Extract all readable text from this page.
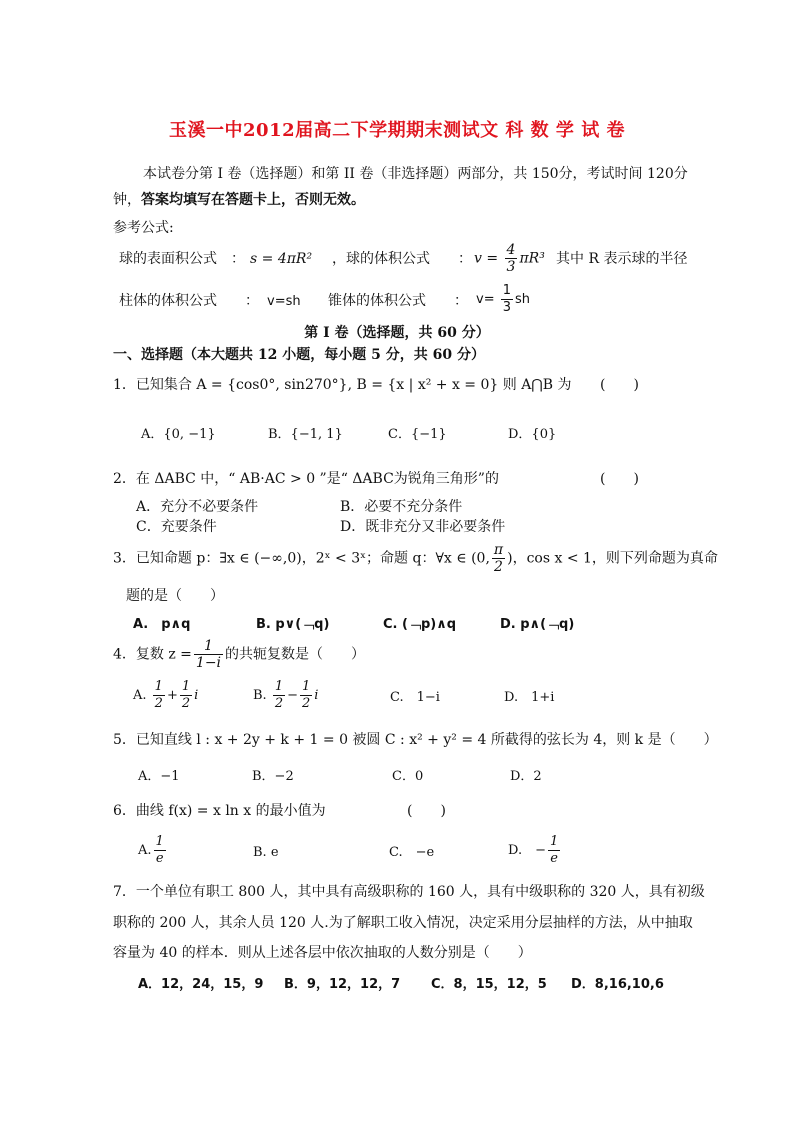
玉溪一中2012届高二下学期期末测试文 科 数 学 试 卷
本试卷分第 I 卷（选择题）和第 II 卷（非选择题）两部分，共 150分，考试时间 120分
钟，答案均填写在答题卡上，否则无效。
参考公式:
球的表面积公式　： s = 4πR² ，球的体积公式　　： $v = \frac{4}{3} \pi R^3$ 其中 R 表示球的半径
柱体的体积公式　　： v=sh 锥体的体积公式　　： $v= \frac{1}{3}$ sh
第 I 卷（选择题，共 60 分）
一、选择题（本大题共 12 小题，每小题 5 分，共 60 分）
1．已知集合 A = {cos0°, sin270°}, B = {x | x² + x = 0} 则 A⋂B 为 (　　)
A．{0, −1}	B．{−1, 1}	C．{−1}	D．{0}
2．在 ΔABC 中，“ AB·AC > 0 ”是“ ΔABC为锐角三角形”的	(　　)
A．充分不必要条件	B．必要不充分条件
C．充要条件	D．既非充分又非必要条件
3．已知命题 p：∃x ∈ (−∞,0)，2ˣ < 3ˣ；命题 q：∀x ∈ (0, $\frac{\pi}{2}$ )，cos x < 1，则下列命题为真命
题的是（　　）
A.　p∧q	B. p∨(﹁q)	C. (﹁p)∧q	D. p∧(﹁q)
4．复数 $z = \frac{1}{1-i}$ 的共轭复数是（　　）
A. $\frac{1}{2} + \frac{1}{2}$ i	B. $\frac{1}{2} - \frac{1}{2}$ i	C.　1−i	D.　1+i
5．已知直线 l : x + 2y + k + 1 = 0 被圆 C : x² + y² = 4 所截得的弦长为 4，则 k 是（　　）
A．−1	B．−2	C．0	D．2
6．曲线 f(x) = x ln x 的最小值为	(　　)
A. $\frac{1}{e}$	B. e	C.　−e	D.　− $\frac{1}{e}$
7．一个单位有职工 800 人，其中具有高级职称的 160 人，具有中级职称的 320 人，具有初级
职称的 200 人，其余人员 120 人.为了解职工收入情况，决定采用分层抽样的方法，从中抽取
容量为 40 的样本．则从上述各层中依次抽取的人数分别是（　　）
A．12，24，15，9 B．9，12，12，7 C．8，15，12，5 D．8,16,10,6
